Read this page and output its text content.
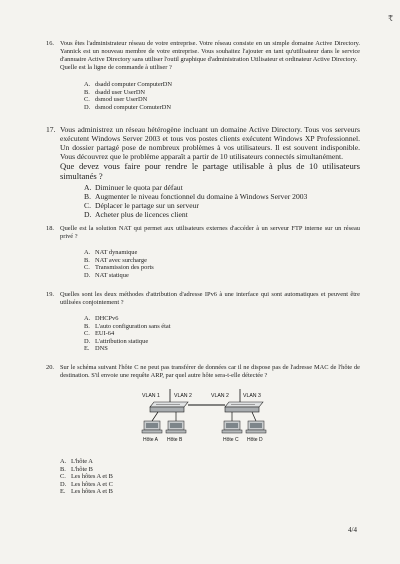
₹
16. Vous êtes l'administrateur réseau de votre entreprise. Votre réseau consiste en un simple domaine Active Directory. Yannick est un nouveau membre de votre entreprise. Vous souhaitez l'ajouter en tant qu'utilisateur dans le service d'annuaire Active Directory sans utiliser l'outil graphique d'administration Utilisateur et ordinateur Active Directory.
Quelle est la ligne de commande à utiliser ?
A. dsadd computer ComputerDN
B. dsadd user UserDN
C. dsmod user UserDN
D. dsmod computer ComuterDN
17. Vous administrez un réseau hétérogène incluant un domaine Active Directory. Tous vos serveurs exécutent Windows Server 2003 et tous vos postes clients exécutent Windows XP Professionnel. Un dossier partagé pose de nombreux problèmes à vos utilisateurs. Il est souvent indisponible. Vous découvrez que le problème apparaît a partir de 10 utilisateurs connectés simultanément.
Que devez vous faire pour rendre le partage utilisable à plus de 10 utilisateurs simultanés ?
A. Diminuer le quota par défaut
B. Augmenter le niveau fonctionnel du domaine à Windows Server 2003
C. Déplacer le partage sur un serveur
D. Acheter plus de licences client
18. Quelle est la solution NAT qui permet aux utilisateurs externes d'accéder à un serveur FTP interne sur un réseau privé ?
A. NAT dynamique
B. NAT avec surcharge
C. Transmission des ports
D. NAT statique
19. Quelles sont les deux méthodes d'attribution d'adresse IPv6 à une interface qui sont automatiques et peuvent être utilisées conjointement ?
A. DHCPv6
B. L'auto configuration sans état
C. EUI-64
D. L'attribution statique
E. DNS
20. Sur le schéma suivant l'hôte C ne peut pas transférer de données car il ne dispose pas de l'adresse MAC de l'hôte de destination. S'il envoie une requête ARP, par quel autre hôte sera-t-elle détectée ?
VLAN 1	VLAN 2	VLAN 2	VLAN 3
Hôte A Hôte B	Hôte C Hôte D
A. L'hôte A
B. L'hôte B
C. Les hôtes A et B
D. Les hôtes A et C
E. Les hôtes A et B
4/4
